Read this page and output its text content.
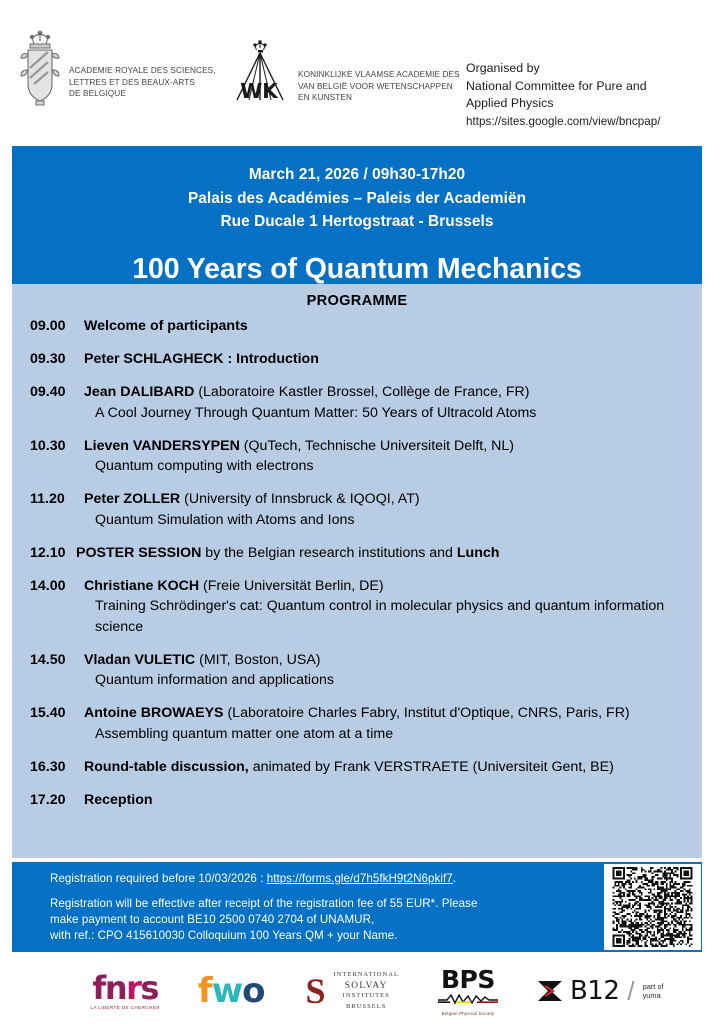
ACADEMIE ROYALE DES SCIENCES,
LETTRES ET DES BEAUX-ARTS
DE BELGIQUE	WK
KONINKLIJKE VLAAMSE ACADEMIE DES
VAN BELGIË VOOR WETENSCHAPPEN
EN KUNSTEN
Organised by
National Committee for Pure and
Applied Physics
https://sites.google.com/view/bncpap/
March 21, 2026 / 09h30-17h20
Palais des Académies – Paleis der Academiën
Rue Ducale 1 Hertogstraat - Brussels
100 Years of Quantum Mechanics
PROGRAMME
09.00	Welcome of participants
09.30	Peter SCHLAGHECK : Introduction
09.40	Jean DALIBARD (Laboratoire Kastler Brossel, Collège de France, FR)
A Cool Journey Through Quantum Matter: 50 Years of Ultracold Atoms
10.30	Lieven VANDERSYPEN (QuTech, Technische Universiteit Delft, NL)
Quantum computing with electrons
11.20	Peter ZOLLER (University of Innsbruck & IQOQI, AT)
Quantum Simulation with Atoms and Ions
12.10 POSTER SESSION by the Belgian research institutions and Lunch
14.00	Christiane KOCH (Freie Universität Berlin, DE)
Training Schrödinger's cat: Quantum control in molecular physics and quantum information science
14.50	Vladan VULETIC (MIT, Boston, USA)
Quantum information and applications
15.40	Antoine BROWAEYS (Laboratoire Charles Fabry, Institut d'Optique, CNRS, Paris, FR)
Assembling quantum matter one atom at a time
16.30	Round-table discussion, animated by Frank VERSTRAETE (Universiteit Gent, BE)
17.20	Reception
Registration required before 10/03/2026 : https://forms.gle/d7h5fkH9t2N6pkif7.
Registration will be effective after receipt of the registration fee of 55 EUR*. Please
make payment to account BE10 2500 0740 2704 of UNAMUR,
with ref.: CPO 415610030 Colloquium 100 Years QM + your Name.
fnrs
LA LIBERTÉ DE CHERCHER fwo S	INTERNATIONAL
SOLVAY
INSTITUTES
BRUSSELS
BPS
Belgian Physical Society
B12 / part of
yuma
